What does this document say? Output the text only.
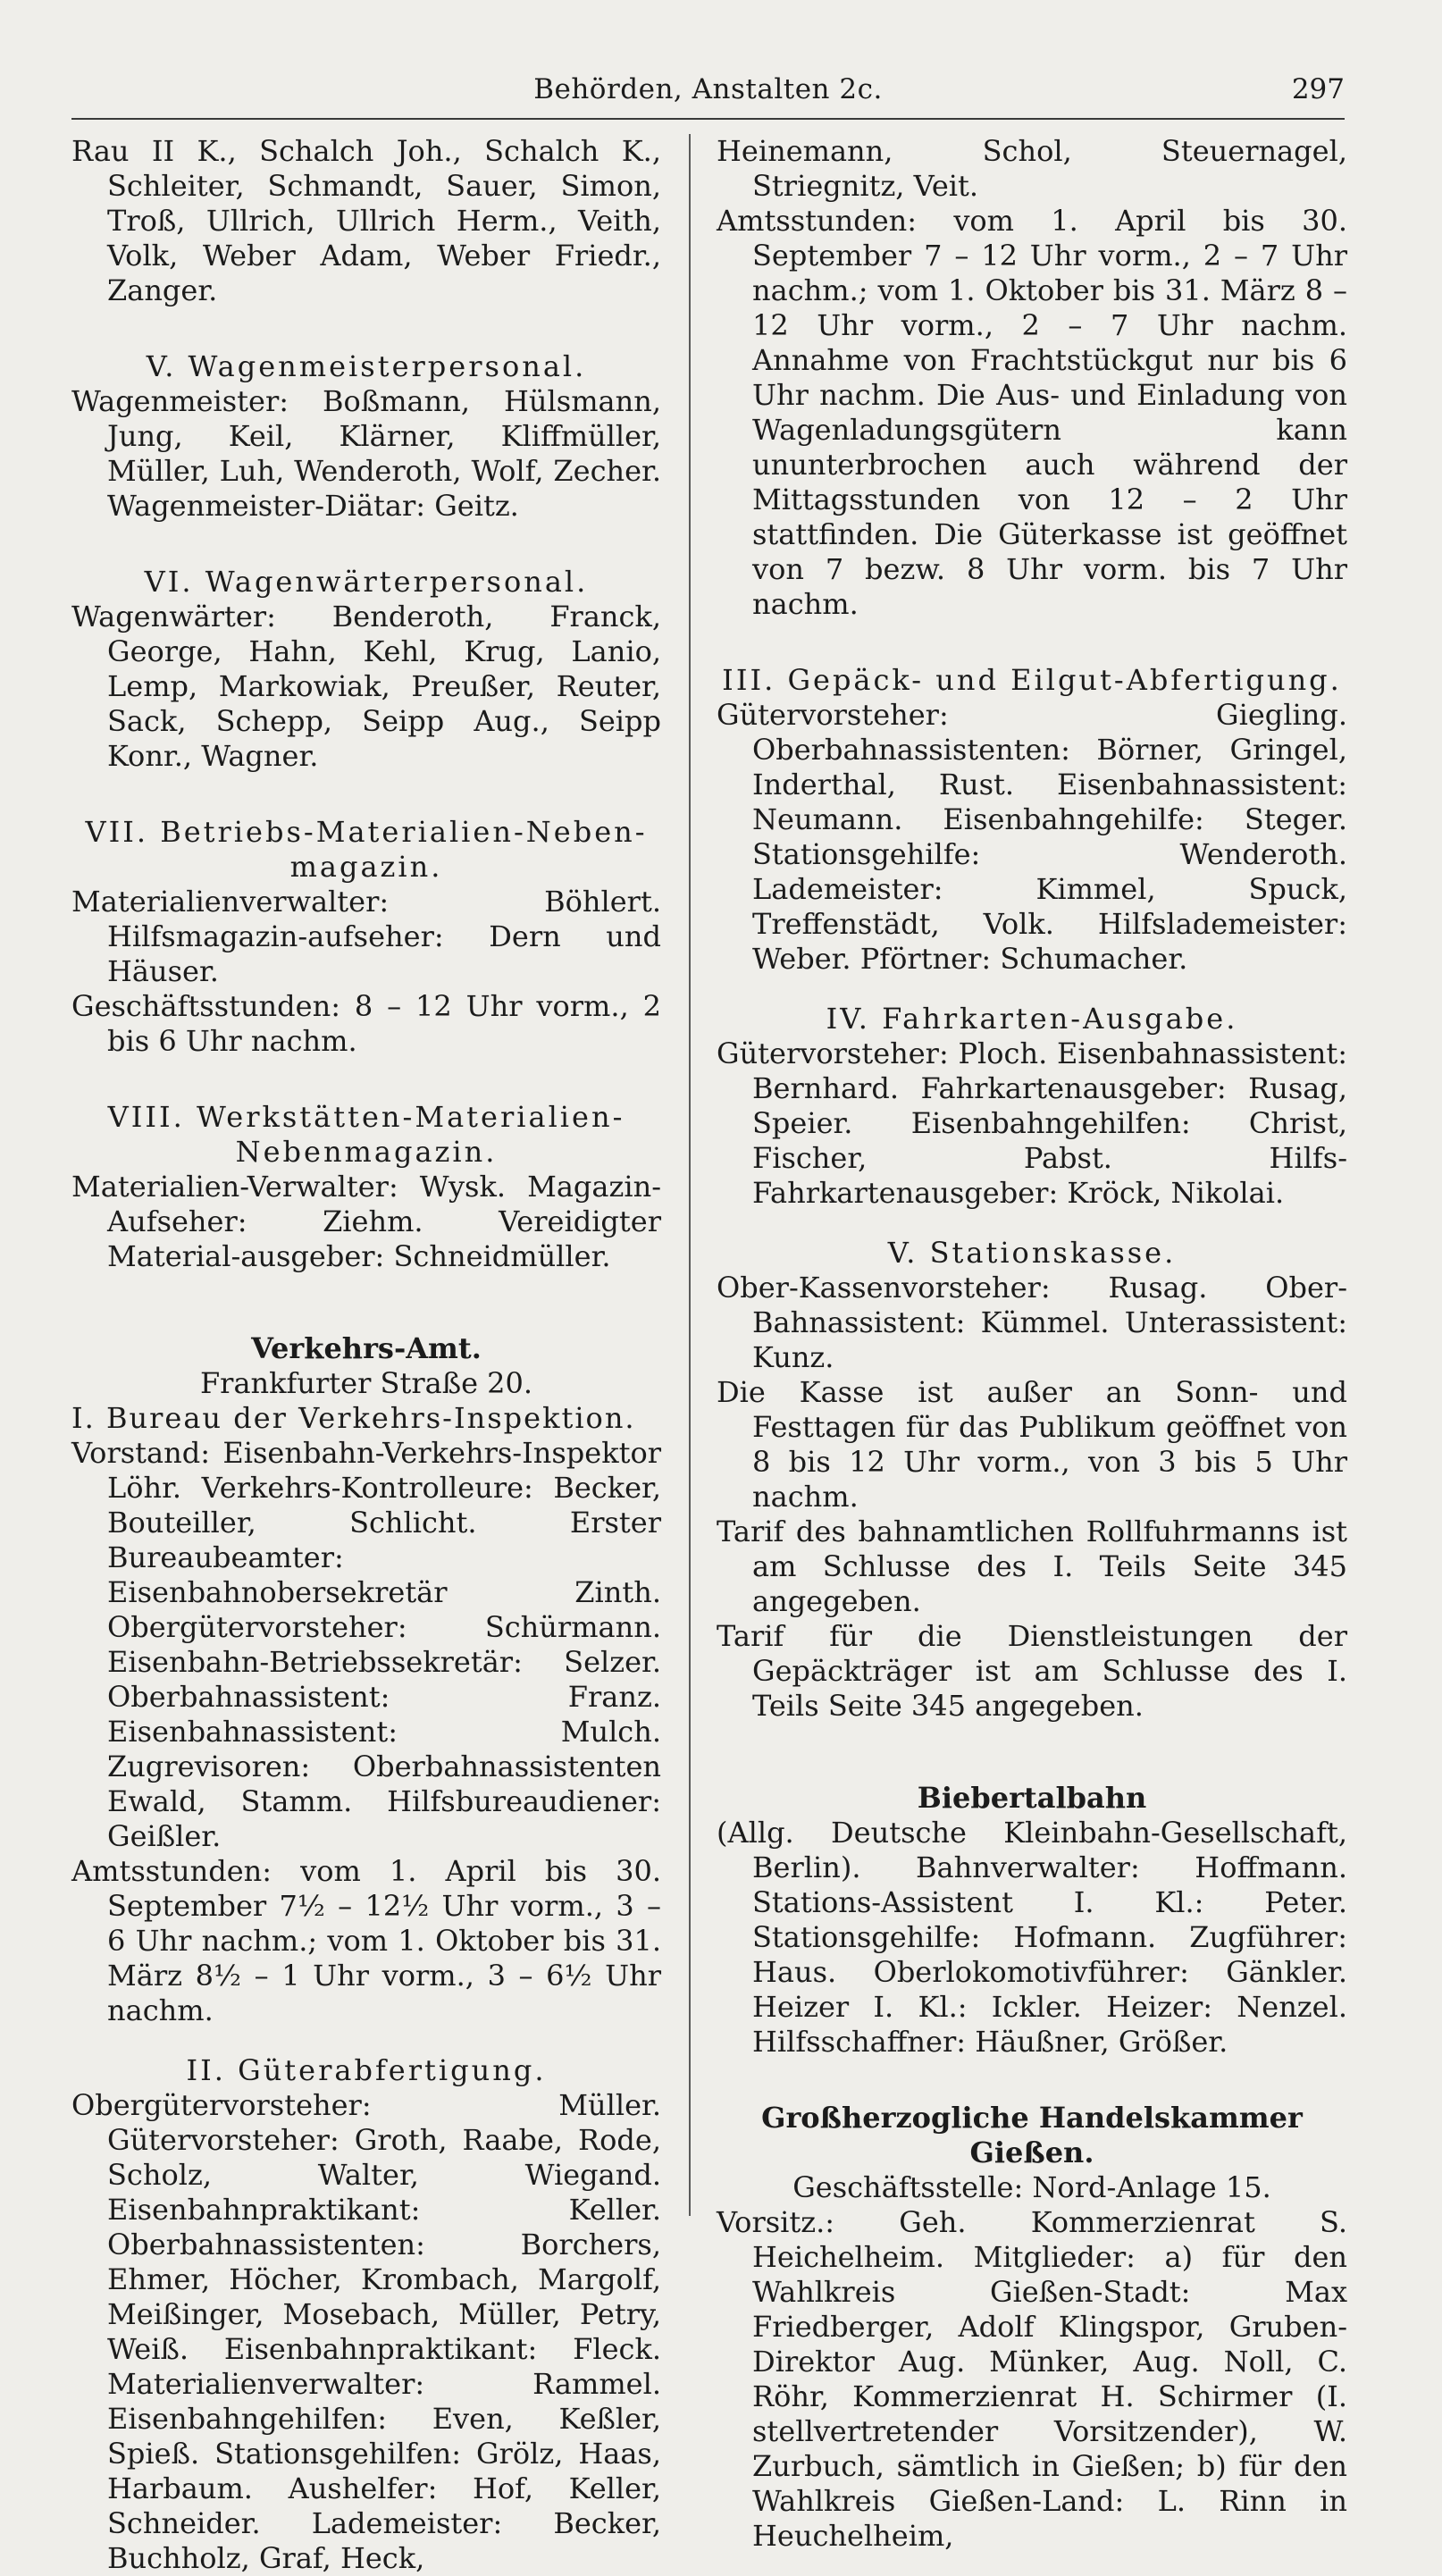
Behörden, Anstalten 2c.	297

Rau II K., Schalch Joh., Schalch K., Schleiter, Schmandt, Sauer, Simon, Troß, Ullrich, Ullrich Herm., Veith, Volk, Weber Adam, Weber Friedr., Zanger.

V. Wagenmeisterpersonal.

Wagenmeister: Boßmann, Hülsmann, Jung, Keil, Klärner, Kliffmüller, Müller, Luh, Wenderoth, Wolf, Zecher. Wagenmeister-Diätar: Geitz.

VI. Wagenwärterpersonal.

Wagenwärter: Benderoth, Franck, George, Hahn, Kehl, Krug, Lanio, Lemp, Markowiak, Preußer, Reuter, Sack, Schepp, Seipp Aug., Seipp Konr., Wagner.

VII. Betriebs-Materialien-Neben-

magazin.

Materialienverwalter: Böhlert. Hilfsmagazin-aufseher: Dern und Häuser.

Geschäftsstunden: 8 – 12 Uhr vorm., 2 bis 6 Uhr nachm.

VIII. Werkstätten-Materialien-

Nebenmagazin.

Materialien-Verwalter: Wysk. Magazin-Aufseher: Ziehm. Vereidigter Material-ausgeber: Schneidmüller.

Verkehrs-Amt.

Frankfurter Straße 20.

I. Bureau der Verkehrs-Inspektion.

Vorstand: Eisenbahn-Verkehrs-Inspektor Löhr. Verkehrs-Kontrolleure: Becker, Bouteiller, Schlicht. Erster Bureaubeamter: Eisenbahnobersekretär Zinth. Obergütervorsteher: Schürmann. Eisenbahn-Betriebssekretär: Selzer. Oberbahnassistent: Franz. Eisenbahnassistent: Mulch. Zugrevisoren: Oberbahnassistenten Ewald, Stamm. Hilfsbureaudiener: Geißler.

Amtsstunden: vom 1. April bis 30. September 7½ – 12½ Uhr vorm., 3 – 6 Uhr nachm.; vom 1. Oktober bis 31. März 8½ – 1 Uhr vorm., 3 – 6½ Uhr nachm.

II. Güterabfertigung.

Obergütervorsteher: Müller. Gütervorsteher: Groth, Raabe, Rode, Scholz, Walter, Wiegand. Eisenbahnpraktikant: Keller. Oberbahnassistenten: Borchers, Ehmer, Höcher, Krombach, Margolf, Meißinger, Mosebach, Müller, Petry, Weiß. Eisenbahnpraktikant: Fleck. Materialienverwalter: Rammel. Eisenbahngehilfen: Even, Keßler, Spieß. Stationsgehilfen: Grölz, Haas, Harbaum. Aushelfer: Hof, Keller, Schneider. Lademeister: Becker, Buchholz, Graf, Heck,

Heinemann, Schol, Steuernagel, Striegnitz, Veit.

Amtsstunden: vom 1. April bis 30. September 7 – 12 Uhr vorm., 2 – 7 Uhr nachm.; vom 1. Oktober bis 31. März 8 – 12 Uhr vorm., 2 – 7 Uhr nachm. Annahme von Frachtstückgut nur bis 6 Uhr nachm. Die Aus- und Einladung von Wagenladungsgütern kann ununterbrochen auch während der Mittagsstunden von 12 – 2 Uhr stattfinden. Die Güterkasse ist geöffnet von 7 bezw. 8 Uhr vorm. bis 7 Uhr nachm.

III. Gepäck- und Eilgut-Abfertigung.

Gütervorsteher: Giegling. Oberbahnassistenten: Börner, Gringel, Inderthal, Rust. Eisenbahnassistent: Neumann. Eisenbahngehilfe: Steger. Stationsgehilfe: Wenderoth. Lademeister: Kimmel, Spuck, Treffenstädt, Volk. Hilfslademeister: Weber. Pförtner: Schumacher.

IV. Fahrkarten-Ausgabe.

Gütervorsteher: Ploch. Eisenbahnassistent: Bernhard. Fahrkartenausgeber: Rusag, Speier. Eisenbahngehilfen: Christ, Fischer, Pabst. Hilfs-Fahrkartenausgeber: Kröck, Nikolai.

V. Stationskasse.

Ober-Kassenvorsteher: Rusag. Ober-Bahnassistent: Kümmel. Unterassistent: Kunz.

Die Kasse ist außer an Sonn- und Festtagen für das Publikum geöffnet von 8 bis 12 Uhr vorm., von 3 bis 5 Uhr nachm.

Tarif des bahnamtlichen Rollfuhrmanns ist am Schlusse des I. Teils Seite 345 angegeben.

Tarif für die Dienstleistungen der Gepäckträger ist am Schlusse des I. Teils Seite 345 angegeben.

Biebertalbahn

(Allg. Deutsche Kleinbahn-Gesellschaft, Berlin). Bahnverwalter: Hoffmann. Stations-Assistent I. Kl.: Peter. Stationsgehilfe: Hofmann. Zugführer: Haus. Oberlokomotivführer: Gänkler. Heizer I. Kl.: Ickler. Heizer: Nenzel. Hilfsschaffner: Häußner, Größer.

Großherzogliche Handelskammer Gießen.

Geschäftsstelle: Nord-Anlage 15.

Vorsitz.: Geh. Kommerzienrat S. Heichelheim. Mitglieder: a) für den Wahlkreis Gießen-Stadt: Max Friedberger, Adolf Klingspor, Gruben-Direktor Aug. Münker, Aug. Noll, C. Röhr, Kommerzienrat H. Schirmer (I. stellvertretender Vorsitzender), W. Zurbuch, sämtlich in Gießen; b) für den Wahlkreis Gießen-Land: L. Rinn in Heuchelheim,
